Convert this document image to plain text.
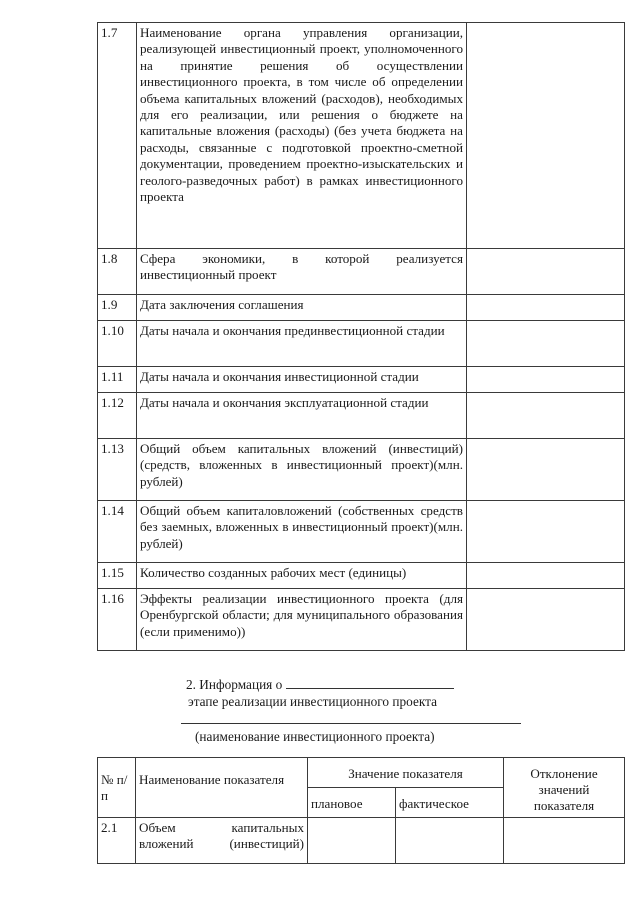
1.7	Наименование органа управления организации, реализующей инвестиционный проект, уполномоченного на принятие решения об осуществлении инвестиционного проекта, в том числе об определении объема капитальных вложений (расходов), необходимых для его реализации, или решения о бюджете на капитальные вложения (расходы) (без учета бюджета на расходы, связанные с подготовкой проектно-сметной документации, проведением проектно-изыскательских и геолого-разведочных работ) в рамках инвестиционного проекта	
1.8	Сфера экономики, в которой реализуется инвестиционный проект	
1.9	Дата заключения соглашения	
1.10	Даты начала и окончания прединвестиционной стадии	
1.11	Даты начала и окончания инвестиционной стадии	
1.12	Даты начала и окончания эксплуатационной стадии	
1.13	Общий объем капитальных вложений (инвестиций) (средств, вложенных в инвестиционный проект)(млн. рублей)	
1.14	Общий объем капиталовложений (собственных средств без заемных, вложенных в инвестиционный проект)(млн. рублей)	
1.15	Количество созданных рабочих мест (единицы)	
1.16	Эффекты реализации инвестиционного проекта (для Оренбургской области; для муниципального образования (если применимо))	
2. Информация о
этапе реализации инвестиционного проекта
(наименование инвестиционного проекта)
№ п/п	Наименование показателя	Значение показателя		Отклонение значений показателя
		плановое	фактическое	
2.1	Объем капитальных вложений (инвестиций)			
